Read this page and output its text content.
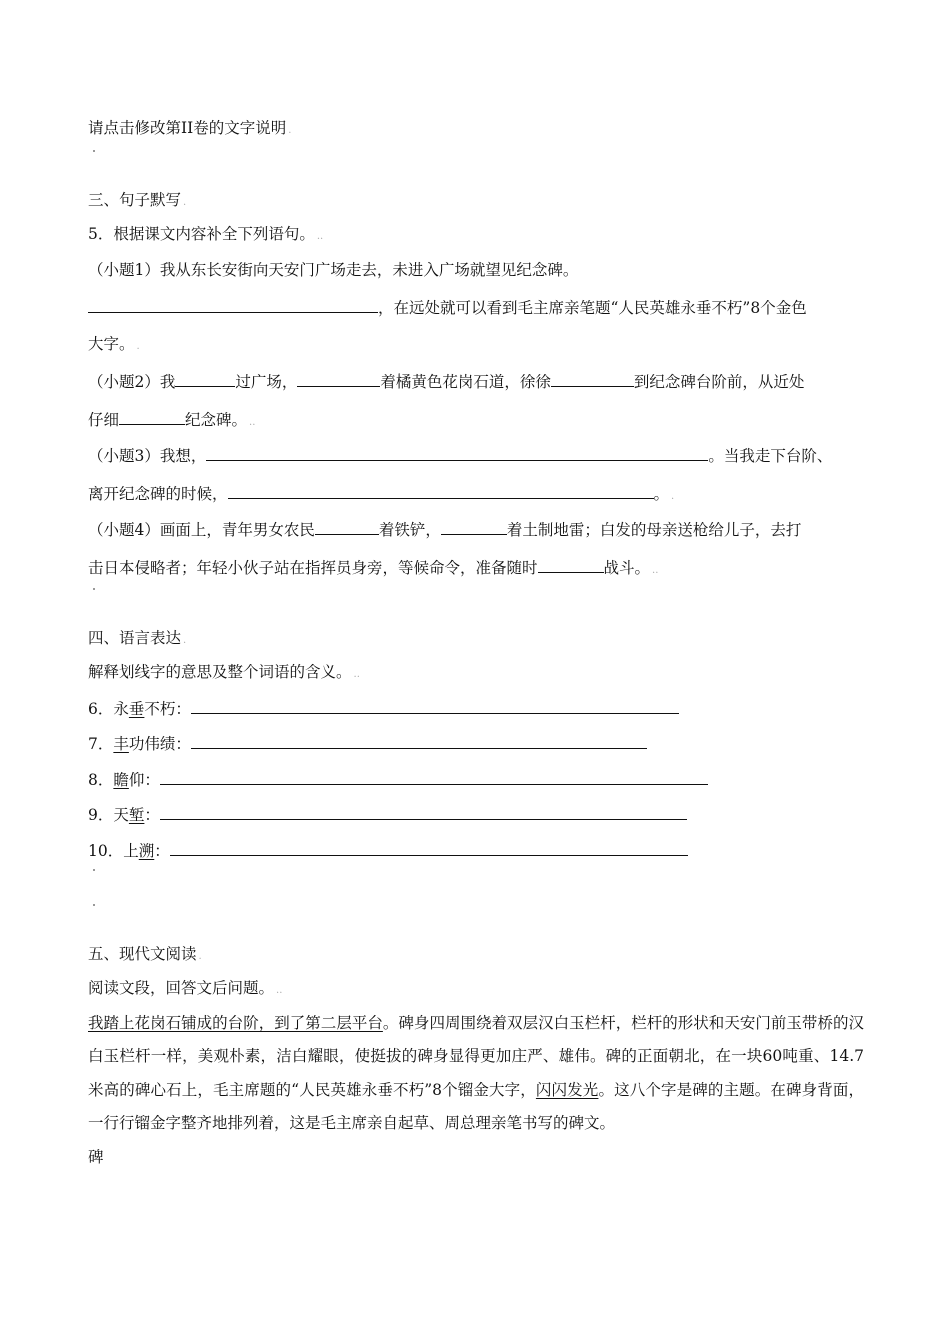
请点击修改第II卷的文字说明 .
三、句子默写 .
5．根据课文内容补全下列语句。 ..
（小题1）我从东长安街向天安门广场走去，未进入广场就望见纪念碑。
，在远处就可以看到毛主席亲笔题“人民英雄永垂不朽”8个金色
大字。 .
（小题2）我	过广场，	着橘黄色花岗石道，徐徐	到纪念碑台阶前，从近处
仔细	纪念碑。 ..
（小题3）我想，	。当我走下台阶、
离开纪念碑的时候，	。 .
（小题4）画面上，青年男女农民	着铁铲，	着土制地雷；白发的母亲送枪给儿子，去打
击日本侵略者；年轻小伙子站在指挥员身旁，等候命令，准备随时	战斗。 ..
四、语言表达 .
解释划线字的意思及整个词语的含义。 ..
6．永垂不朽：
7．丰功伟绩：
8．瞻仰：
9．天堑：
10．上溯：
五、现代文阅读 .
阅读文段，回答文后问题。 ..
我踏上花岗石铺成的台阶，到了第二层平台。碑身四周围绕着双层汉白玉栏杆，栏杆的形状和天安门前玉带桥的汉白玉栏杆一样，美观朴素，洁白耀眼，使挺拔的碑身显得更加庄严、雄伟。碑的正面朝北，在一块60吨重、14.7米高的碑心石上，毛主席题的“人民英雄永垂不朽”8个镏金大字，闪闪发光。这八个字是碑的主题。在碑身背面，一行行镏金字整齐地排列着，这是毛主席亲自起草、周总理亲笔书写的碑文。
碑
